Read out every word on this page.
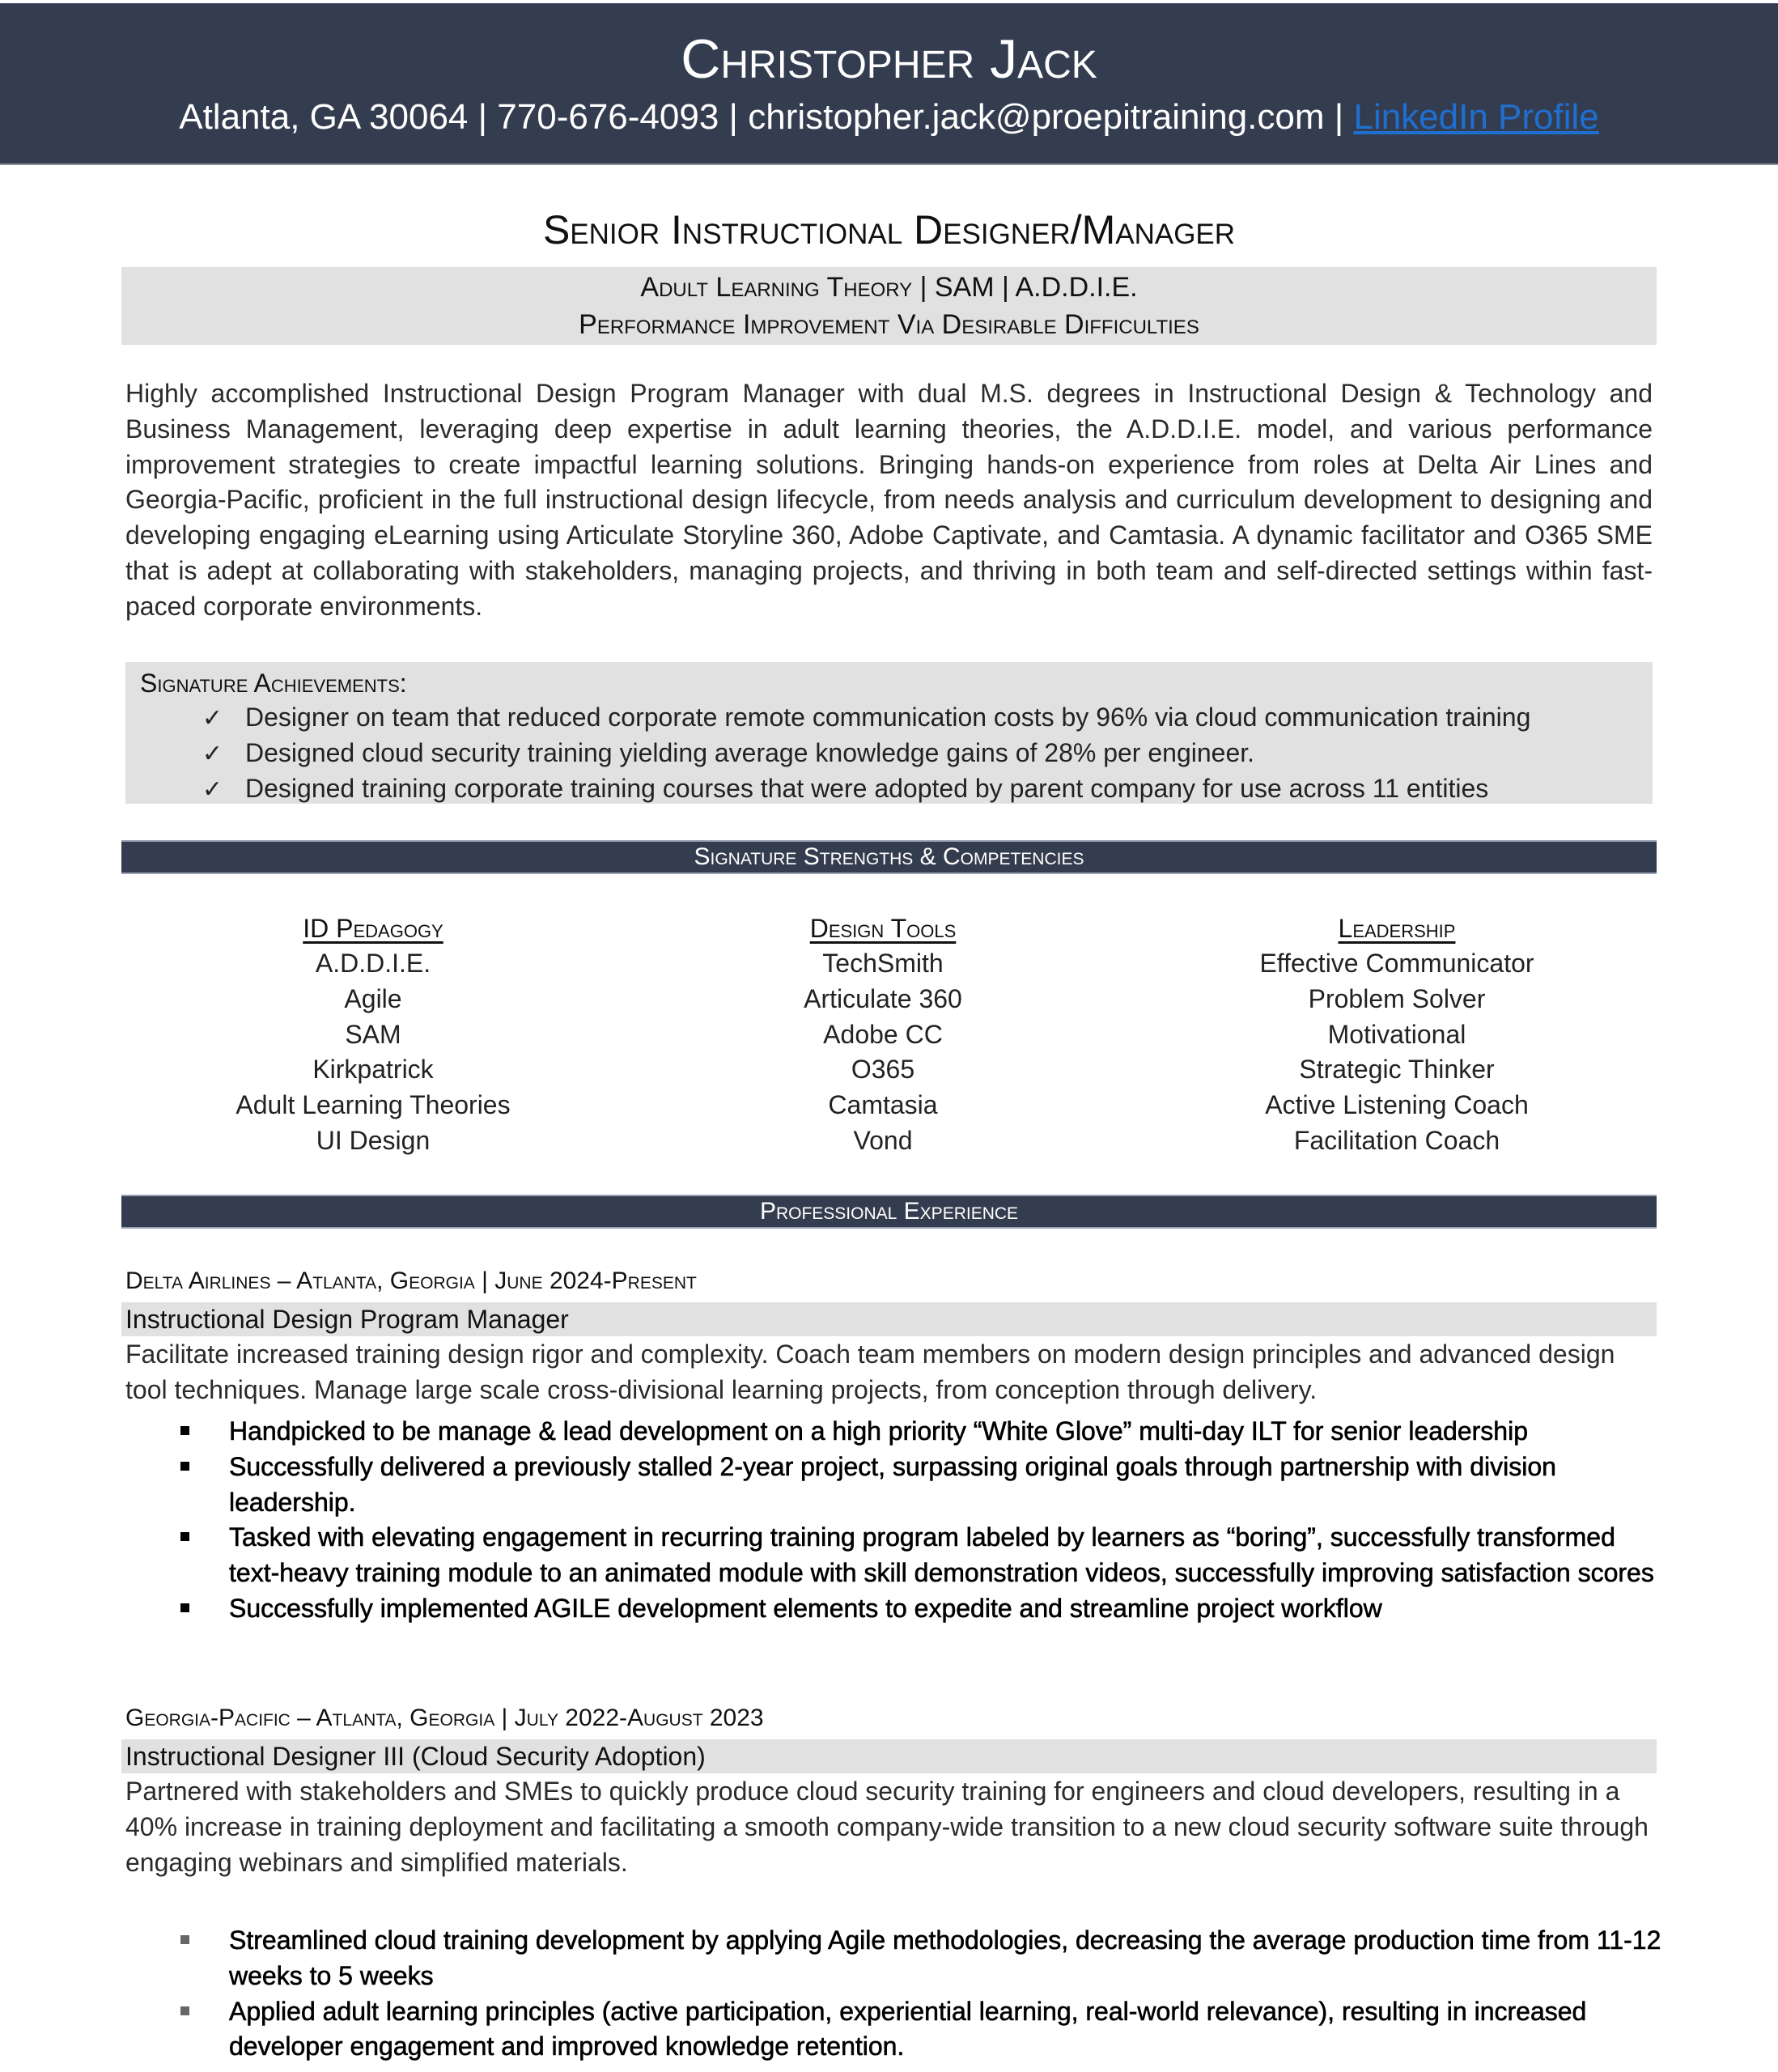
Christopher Jack
Atlanta, GA 30064 | 770-676-4093 | christopher.jack@proepitraining.com | LinkedIn Profile
Senior Instructional Designer/Manager
Adult Learning Theory | SAM | A.D.D.I.E.
Performance Improvement Via Desirable Difficulties
Highly accomplished Instructional Design Program Manager with dual M.S. degrees in Instructional Design & Technology and Business Management, leveraging deep expertise in adult learning theories, the A.D.D.I.E. model, and various performance improvement strategies to create impactful learning solutions. Bringing hands-on experience from roles at Delta Air Lines and Georgia-Pacific, proficient in the full instructional design lifecycle, from needs analysis and curriculum development to designing and developing engaging eLearning using Articulate Storyline 360, Adobe Captivate, and Camtasia. A dynamic facilitator and O365 SME that is adept at collaborating with stakeholders, managing projects, and thriving in both team and self-directed settings within fast-paced corporate environments.
Signature Achievements:
✓ Designer on team that reduced corporate remote communication costs by 96% via cloud communication training
✓ Designed cloud security training yielding average knowledge gains of 28% per engineer.
✓ Designed training corporate training courses that were adopted by parent company for use across 11 entities
Signature Strengths & Competencies
ID Pedagogy
A.D.D.I.E.
Agile
SAM
Kirkpatrick
Adult Learning Theories
UI Design
Design Tools
TechSmith
Articulate 360
Adobe CC
O365
Camtasia
Vond
Leadership
Effective Communicator
Problem Solver
Motivational
Strategic Thinker
Active Listening Coach
Facilitation Coach
Professional Experience
Delta Airlines – Atlanta, Georgia | June 2024-Present
Instructional Design Program Manager
Facilitate increased training design rigor and complexity. Coach team members on modern design principles and advanced design tool techniques. Manage large scale cross-divisional learning projects, from conception through delivery.
Handpicked to be manage & lead development on a high priority “White Glove” multi-day ILT for senior leadership
Successfully delivered a previously stalled 2-year project, surpassing original goals through partnership with division leadership.
Tasked with elevating engagement in recurring training program labeled by learners as “boring”, successfully transformed text-heavy training module to an animated module with skill demonstration videos, successfully improving satisfaction scores
Successfully implemented AGILE development elements to expedite and streamline project workflow
Georgia-Pacific – Atlanta, Georgia | July 2022-August 2023
Instructional Designer III (Cloud Security Adoption)
Partnered with stakeholders and SMEs to quickly produce cloud security training for engineers and cloud developers, resulting in a 40% increase in training deployment and facilitating a smooth company-wide transition to a new cloud security software suite through engaging webinars and simplified materials.
Streamlined cloud training development by applying Agile methodologies, decreasing the average production time from 11-12 weeks to 5 weeks
Applied adult learning principles (active participation, experiential learning, real-world relevance), resulting in increased developer engagement and improved knowledge retention.
